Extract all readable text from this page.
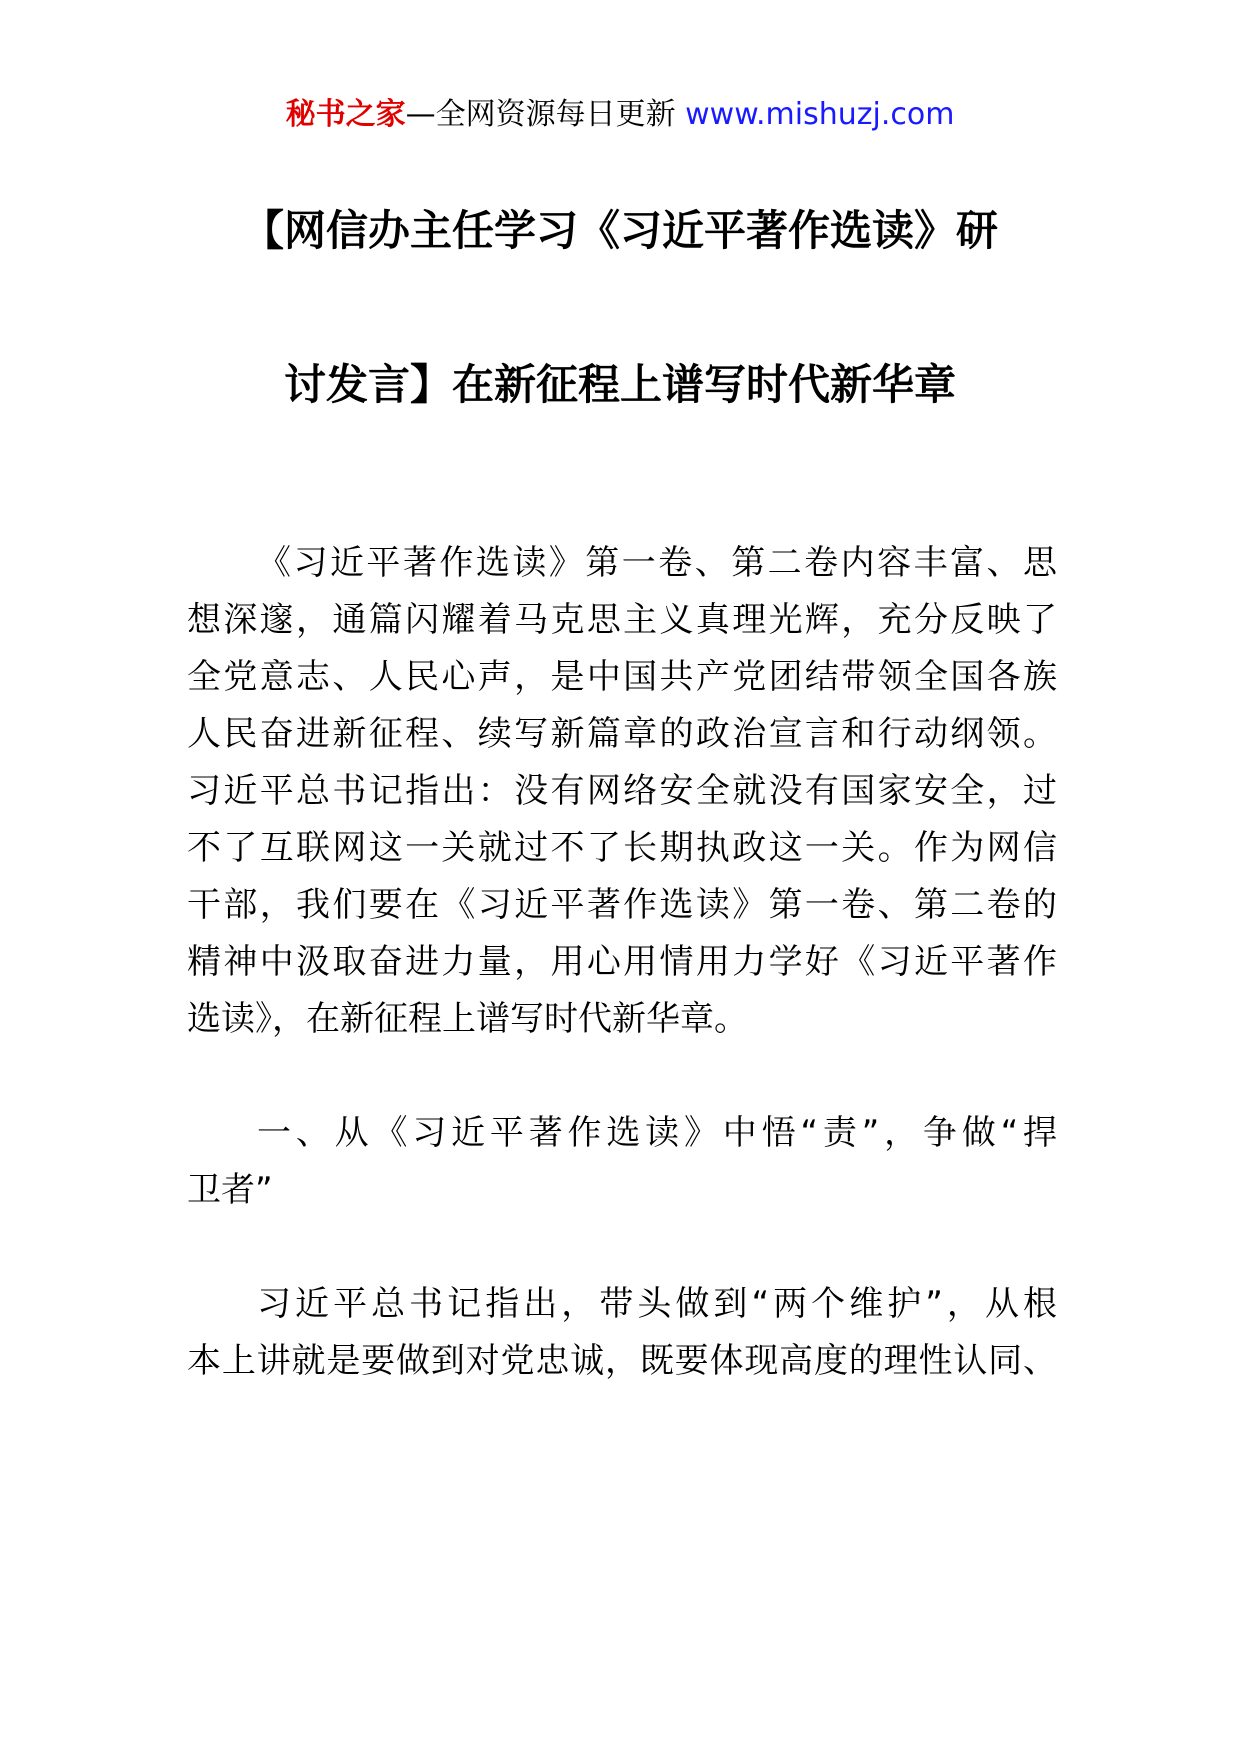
秘书之家—全网资源每日更新 www.mishuzj.com
【网信办主任学习《习近平著作选读》研
讨发言】在新征程上谱写时代新华章
《习近平著作选读》第一卷、第二卷内容丰富、思
想深邃，通篇闪耀着马克思主义真理光辉，充分反映了
全党意志、人民心声，是中国共产党团结带领全国各族
人民奋进新征程、续写新篇章的政治宣言和行动纲领。
习近平总书记指出：没有网络安全就没有国家安全，过
不了互联网这一关就过不了长期执政这一关。作为网信
干部，我们要在《习近平著作选读》第一卷、第二卷的
精神中汲取奋进力量，用心用情用力学好《习近平著作
选读》，在新征程上谱写时代新华章。
一、从《习近平著作选读》中悟“责”，争做“捍
卫者”
习近平总书记指出，带头做到“两个维护”，从根
本上讲就是要做到对党忠诚，既要体现高度的理性认同、
